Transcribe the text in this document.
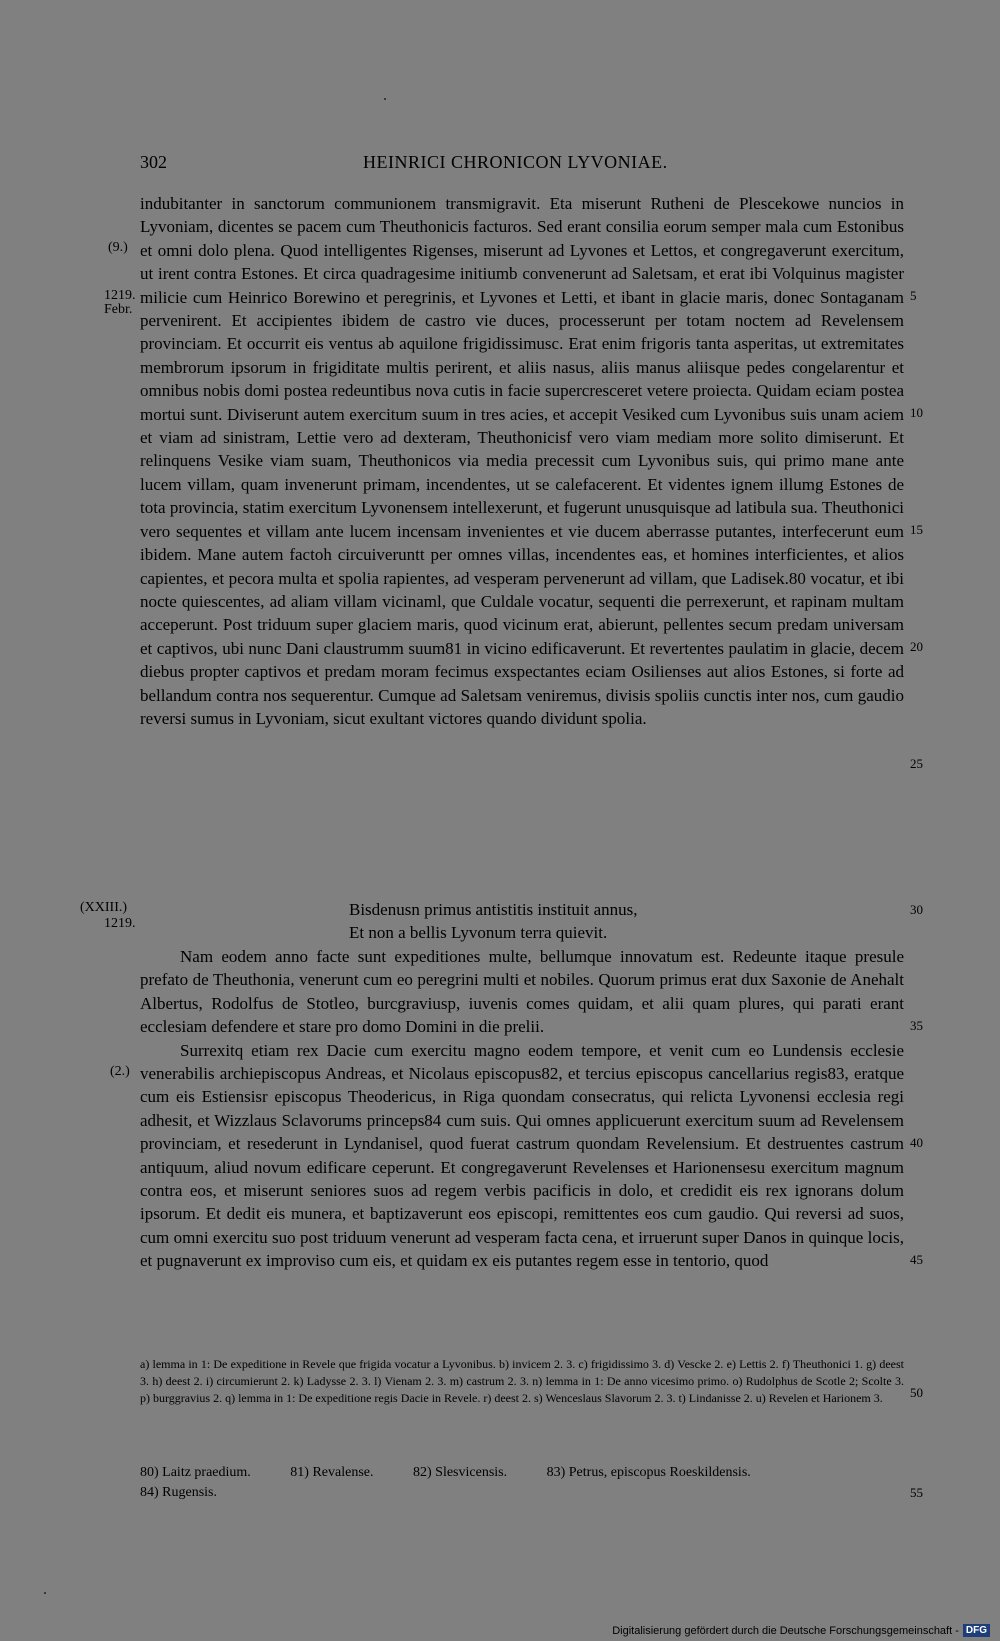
302	HEINRICI CHRONICON LYVONIAE.
(9.)
1219.
Febr.
(XXIII.)
1219.
(2.)
5
10
15
20
25
30
35
40
45
50
55

indubitanter in sanctorum communionem transmigravit. Eta miserunt Rutheni de Plescekowe nuncios in Lyvoniam, dicentes se pacem cum Theuthonicis facturos. Sed erant consilia eorum semper mala cum Estonibus et omni dolo plena. Quod intelligentes Rigenses, miserunt ad Lyvones et Lettos, et congregaverunt exercitum, ut irent contra Estones. Et circa quadragesime initiumb convenerunt ad Saletsam, et erat ibi Volquinus magister milicie cum Heinrico Borewino et peregrinis, et Lyvones et Letti, et ibant in glacie maris, donec Sontaganam pervenirent. Et accipientes ibidem de castro vie duces, processerunt per totam noctem ad Revelensem provinciam. Et occurrit eis ventus ab aquilone frigidissimusc. Erat enim frigoris tanta asperitas, ut extremitates membrorum ipsorum in frigiditate multis perirent, et aliis nasus, aliis manus aliisque pedes congelarentur et omnibus nobis domi postea redeuntibus nova cutis in facie supercresceret vetere proiecta. Quidam eciam postea mortui sunt. Diviserunt autem exercitum suum in tres acies, et accepit Vesiked cum Lyvonibus suis unam aciem et viam ad sinistram, Lettie vero ad dexteram, Theuthonicisf vero viam mediam more solito dimiserunt. Et relinquens Vesike viam suam, Theuthonicos via media precessit cum Lyvonibus suis, qui primo mane ante lucem villam, quam invenerunt primam, incendentes, ut se calefacerent. Et videntes ignem illumg Estones de tota provincia, statim exercitum Lyvonensem intellexerunt, et fugerunt unusquisque ad latibula sua. Theuthonici vero sequentes et villam ante lucem incensam invenientes et vie ducem aberrasse putantes, interfecerunt eum ibidem. Mane autem factoh circuiveruntt per omnes villas, incendentes eas, et homines interficientes, et alios capientes, et pecora multa et spolia rapientes, ad vesperam pervenerunt ad villam, que Ladisek.80 vocatur, et ibi nocte quiescentes, ad aliam villam vicinaml, que Culdale vocatur, sequenti die perrexerunt, et rapinam multam acceperunt. Post triduum super glaciem maris, quod vicinum erat, abierunt, pellentes secum predam universam et captivos, ubi nunc Dani claustrumm suum81 in vicino edificaverunt. Et revertentes paulatim in glacie, decem diebus propter captivos et predam moram fecimus exspectantes eciam Osilienses aut alios Estones, si forte ad bellandum contra nos sequerentur. Cumque ad Saletsam veniremus, divisis spoliis cunctis inter nos, cum gaudio reversi sumus in Lyvoniam, sicut exultant victores quando dividunt spolia.

Bisdenusn primus antistitis instituit annus,
Et non a bellis Lyvonum terra quievit.

Nam eodem anno facte sunt expeditiones multe, bellumque innovatum est. Redeunte itaque presule prefato de Theuthonia, venerunt cum eo peregrini multi et nobiles. Quorum primus erat dux Saxonie de Anehalt Albertus, Rodolfus de Stotleo, burcgraviusp, iuvenis comes quidam, et alii quam plures, qui parati erant ecclesiam defendere et stare pro domo Domini in die prelii.

Surrexitq etiam rex Dacie cum exercitu magno eodem tempore, et venit cum eo Lundensis ecclesie venerabilis archiepiscopus Andreas, et Nicolaus episcopus82, et tercius episcopus cancellarius regis83, eratque cum eis Estiensisr episcopus Theodericus, in Riga quondam consecratus, qui relicta Lyvonensi ecclesia regi adhesit, et Wizzlaus Sclavorums princeps84 cum suis. Qui omnes applicuerunt exercitum suum ad Revelensem provinciam, et resederunt in Lyndanisel, quod fuerat castrum quondam Revelensium. Et destruentes castrum antiquum, aliud novum edificare ceperunt. Et congregaverunt Revelenses et Harionensesu exercitum magnum contra eos, et miserunt seniores suos ad regem verbis pacificis in dolo, et credidit eis rex ignorans dolum ipsorum. Et dedit eis munera, et baptizaverunt eos episcopi, remittentes eos cum gaudio. Qui reversi ad suos, cum omni exercitu suo post triduum venerunt ad vesperam facta cena, et irruerunt super Danos in quinque locis, et pugnaverunt ex improviso cum eis, et quidam ex eis putantes regem esse in tentorio, quod

a) lemma in 1: De expeditione in Revele que frigida vocatur a Lyvonibus. b) invicem 2. 3. c) frigidissimo 3. d) Vescke 2. e) Lettis 2. f) Theuthonici 1. g) deest 3. h) deest 2. i) circumierunt 2. k) Ladysse 2. 3. l) Vienam 2. 3. m) castrum 2. 3. n) lemma in 1: De anno vicesimo primo. o) Rudolphus de Scotle 2; Scolte 3. p) burggravius 2. q) lemma in 1: De expeditione regis Dacie in Revele. r) deest 2. s) Wenceslaus Slavorum 2. 3. t) Lindanisse 2. u) Revelen et Harionem 3.
80) Laitz praedium.	81) Revalense.	82) Slesvicensis.	83) Petrus, episcopus Roeskildensis.
84) Rugensis.
Digitalisierung gefördert durch die Deutsche Forschungsgemeinschaft - DFG
